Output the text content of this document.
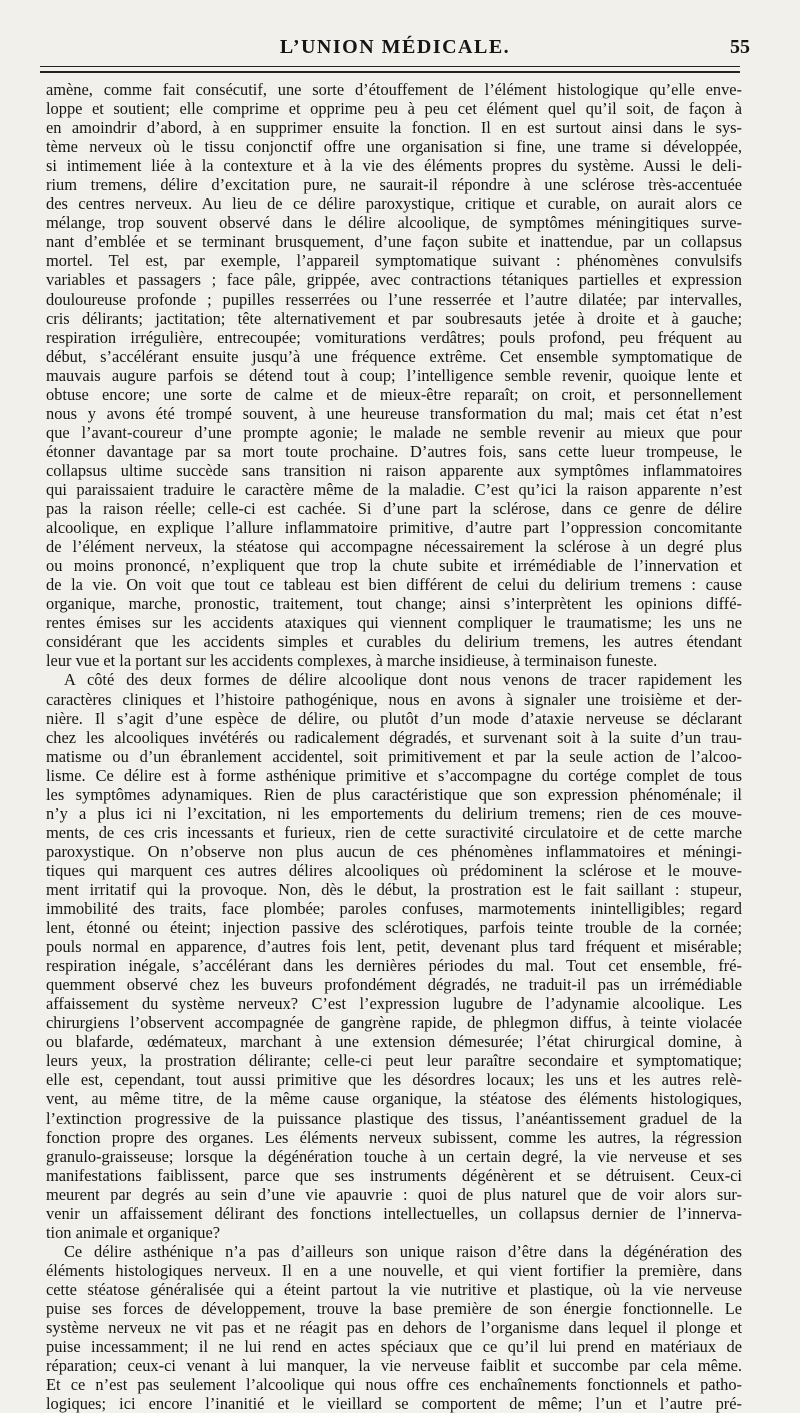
L’UNION MÉDICALE.	55
amène, comme fait consécutif, une sorte d’étouffement de l’élément histologique qu’elle enve-
loppe et soutient; elle comprime et opprime peu à peu cet élément quel qu’il soit, de façon à
en amoindrir d’abord, à en supprimer ensuite la fonction. Il en est surtout ainsi dans le sys-
tème nerveux où le tissu conjonctif offre une organisation si fine, une trame si développée,
si intimement liée à la contexture et à la vie des éléments propres du système. Aussi le deli-
rium tremens, délire d’excitation pure, ne saurait-il répondre à une sclérose très-accentuée
des centres nerveux. Au lieu de ce délire paroxystique, critique et curable, on aurait alors ce
mélange, trop souvent observé dans le délire alcoolique, de symptômes méningitiques surve-
nant d’emblée et se terminant brusquement, d’une façon subite et inattendue, par un collapsus
mortel. Tel est, par exemple, l’appareil symptomatique suivant : phénomènes convulsifs
variables et passagers ; face pâle, grippée, avec contractions tétaniques partielles et expression
douloureuse profonde ; pupilles resserrées ou l’une resserrée et l’autre dilatée; par intervalles,
cris délirants; jactitation; tête alternativement et par soubresauts jetée à droite et à gauche;
respiration irrégulière, entrecoupée; vomiturations verdâtres; pouls profond, peu fréquent au
début, s’accélérant ensuite jusqu’à une fréquence extrême. Cet ensemble symptomatique de
mauvais augure parfois se détend tout à coup; l’intelligence semble revenir, quoique lente et
obtuse encore; une sorte de calme et de mieux-être reparaît; on croit, et personnellement
nous y avons été trompé souvent, à une heureuse transformation du mal; mais cet état n’est
que l’avant-coureur d’une prompte agonie; le malade ne semble revenir au mieux que pour
étonner davantage par sa mort toute prochaine. D’autres fois, sans cette lueur trompeuse, le
collapsus ultime succède sans transition ni raison apparente aux symptômes inflammatoires
qui paraissaient traduire le caractère même de la maladie. C’est qu’ici la raison apparente n’est
pas la raison réelle; celle-ci est cachée. Si d’une part la sclérose, dans ce genre de délire
alcoolique, en explique l’allure inflammatoire primitive, d’autre part l’oppression concomitante
de l’élément nerveux, la stéatose qui accompagne nécessairement la sclérose à un degré plus
ou moins prononcé, n’expliquent que trop la chute subite et irrémédiable de l’innervation et
de la vie. On voit que tout ce tableau est bien différent de celui du delirium tremens : cause
organique, marche, pronostic, traitement, tout change; ainsi s’interprètent les opinions diffé-
rentes émises sur les accidents ataxiques qui viennent compliquer le traumatisme; les uns ne
considérant que les accidents simples et curables du delirium tremens, les autres étendant
leur vue et la portant sur les accidents complexes, à marche insidieuse, à terminaison funeste.
A côté des deux formes de délire alcoolique dont nous venons de tracer rapidement les
caractères cliniques et l’histoire pathogénique, nous en avons à signaler une troisième et der-
nière. Il s’agit d’une espèce de délire, ou plutôt d’un mode d’ataxie nerveuse se déclarant
chez les alcooliques invétérés ou radicalement dégradés, et survenant soit à la suite d’un trau-
matisme ou d’un ébranlement accidentel, soit primitivement et par la seule action de l’alcoo-
lisme. Ce délire est à forme asthénique primitive et s’accompagne du cortége complet de tous
les symptômes adynamiques. Rien de plus caractéristique que son expression phénoménale; il
n’y a plus ici ni l’excitation, ni les emportements du delirium tremens; rien de ces mouve-
ments, de ces cris incessants et furieux, rien de cette suractivité circulatoire et de cette marche
paroxystique. On n’observe non plus aucun de ces phénomènes inflammatoires et méningi-
tiques qui marquent ces autres délires alcooliques où prédominent la sclérose et le mouve-
ment irritatif qui la provoque. Non, dès le début, la prostration est le fait saillant : stupeur,
immobilité des traits, face plombée; paroles confuses, marmotements inintelligibles; regard
lent, étonné ou éteint; injection passive des sclérotiques, parfois teinte trouble de la cornée;
pouls normal en apparence, d’autres fois lent, petit, devenant plus tard fréquent et misérable;
respiration inégale, s’accélérant dans les dernières périodes du mal. Tout cet ensemble, fré-
quemment observé chez les buveurs profondément dégradés, ne traduit-il pas un irrémédiable
affaissement du système nerveux? C’est l’expression lugubre de l’adynamie alcoolique. Les
chirurgiens l’observent accompagnée de gangrène rapide, de phlegmon diffus, à teinte violacée
ou blafarde, œdémateux, marchant à une extension démesurée; l’état chirurgical domine, à
leurs yeux, la prostration délirante; celle-ci peut leur paraître secondaire et symptomatique;
elle est, cependant, tout aussi primitive que les désordres locaux; les uns et les autres relè-
vent, au même titre, de la même cause organique, la stéatose des éléments histologiques,
l’extinction progressive de la puissance plastique des tissus, l’anéantissement graduel de la
fonction propre des organes. Les éléments nerveux subissent, comme les autres, la régression
granulo-graisseuse; lorsque la dégénération touche à un certain degré, la vie nerveuse et ses
manifestations faiblissent, parce que ses instruments dégénèrent et se détruisent. Ceux-ci
meurent par degrés au sein d’une vie apauvrie : quoi de plus naturel que de voir alors sur-
venir un affaissement délirant des fonctions intellectuelles, un collapsus dernier de l’innerva-
tion animale et organique?
Ce délire asthénique n’a pas d’ailleurs son unique raison d’être dans la dégénération des
éléments histologiques nerveux. Il en a une nouvelle, et qui vient fortifier la première, dans
cette stéatose généralisée qui a éteint partout la vie nutritive et plastique, où la vie nerveuse
puise ses forces de développement, trouve la base première de son énergie fonctionnelle. Le
système nerveux ne vit pas et ne réagit pas en dehors de l’organisme dans lequel il plonge et
puise incessamment; il ne lui rend en actes spéciaux que ce qu’il lui prend en matériaux de
réparation; ceux-ci venant à lui manquer, la vie nerveuse faiblit et succombe par cela même.
Et ce n’est pas seulement l’alcoolique qui nous offre ces enchaînements fonctionnels et patho-
logiques; ici encore l’inanitié et le vieillard se comportent de même; l’un et l’autre pré-
